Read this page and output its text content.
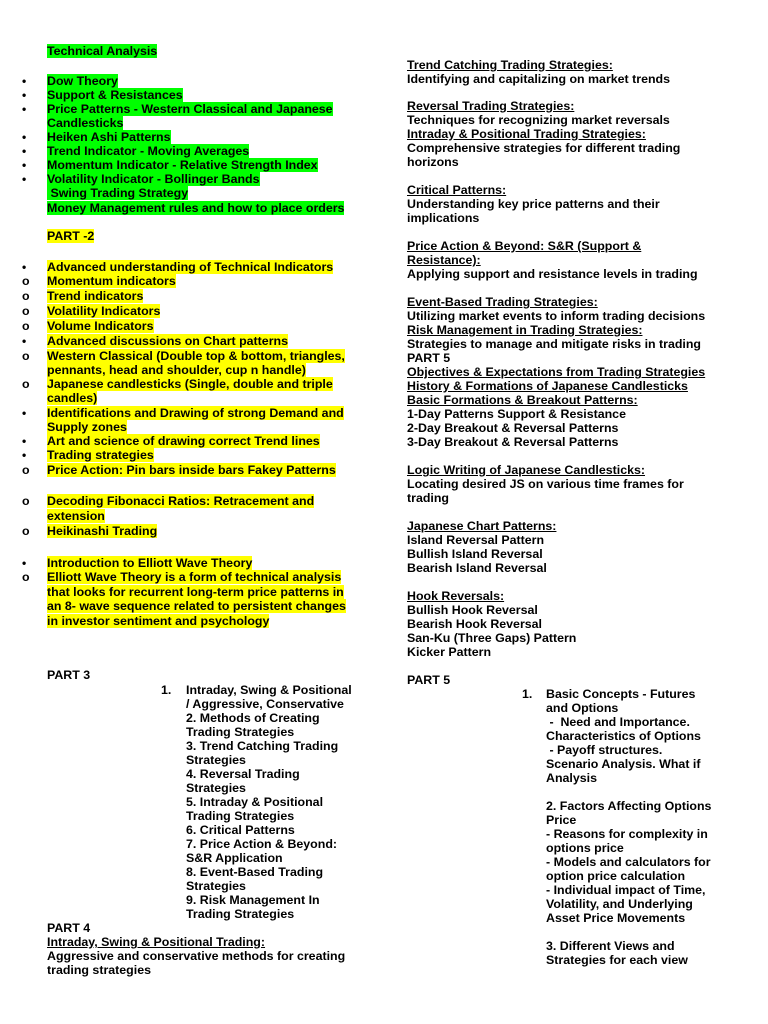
Technical Analysis
• Dow Theory
• Support & Resistances
• Price Patterns - Western Classical and Japanese
Candlesticks
• Heiken Ashi Patterns
• Trend Indicator - Moving Averages
• Momentum Indicator - Relative Strength Index
• Volatility Indicator - Bollinger Bands
Swing Trading Strategy
Money Management rules and how to place orders
PART -2
• Advanced understanding of Technical Indicators
o Momentum indicators
o Trend indicators
o Volatility Indicators
o Volume Indicators
• Advanced discussions on Chart patterns
o Western Classical (Double top & bottom, triangles,
pennants, head and shoulder, cup n handle)
o Japanese candlesticks (Single, double and triple
candles)
• Identifications and Drawing of strong Demand and
Supply zones
• Art and science of drawing correct Trend lines
• Trading strategies
o Price Action: Pin bars inside bars Fakey Patterns
o Decoding Fibonacci Ratios: Retracement and
extension
o Heikinashi Trading
• Introduction to Elliott Wave Theory
o Elliott Wave Theory is a form of technical analysis
that looks for recurrent long-term price patterns in
an 8- wave sequence related to persistent changes
in investor sentiment and psychology
PART 3
1. Intraday, Swing & Positional
/ Aggressive, Conservative
2. Methods of Creating
Trading Strategies
3. Trend Catching Trading
Strategies
4. Reversal Trading
Strategies
5. Intraday & Positional
Trading Strategies
6. Critical Patterns
7. Price Action & Beyond:
S&R Application
8. Event-Based Trading
Strategies
9. Risk Management In
Trading Strategies
PART 4
Intraday, Swing & Positional Trading:
Aggressive and conservative methods for creating
trading strategies
Trend Catching Trading Strategies:
Identifying and capitalizing on market trends
Reversal Trading Strategies:
Techniques for recognizing market reversals
Intraday & Positional Trading Strategies:
Comprehensive strategies for different trading
horizons
Critical Patterns:
Understanding key price patterns and their
implications
Price Action & Beyond: S&R (Support &
Resistance):
Applying support and resistance levels in trading
Event-Based Trading Strategies:
Utilizing market events to inform trading decisions
Risk Management in Trading Strategies:
Strategies to manage and mitigate risks in trading
PART 5
Objectives & Expectations from Trading Strategies
History & Formations of Japanese Candlesticks
Basic Formations & Breakout Patterns:
1-Day Patterns Support & Resistance
2-Day Breakout & Reversal Patterns
3-Day Breakout & Reversal Patterns
Logic Writing of Japanese Candlesticks:
Locating desired JS on various time frames for
trading
Japanese Chart Patterns:
Island Reversal Pattern
Bullish Island Reversal
Bearish Island Reversal
Hook Reversals:
Bullish Hook Reversal
Bearish Hook Reversal
San-Ku (Three Gaps) Pattern
Kicker Pattern
PART 5
1. Basic Concepts - Futures
and Options
-  Need and Importance.
Characteristics of Options
- Payoff structures.
Scenario Analysis. What if
Analysis
2. Factors Affecting Options
Price
- Reasons for complexity in
options price
- Models and calculators for
option price calculation
- Individual impact of Time,
Volatility, and Underlying
Asset Price Movements
3. Different Views and
Strategies for each view
